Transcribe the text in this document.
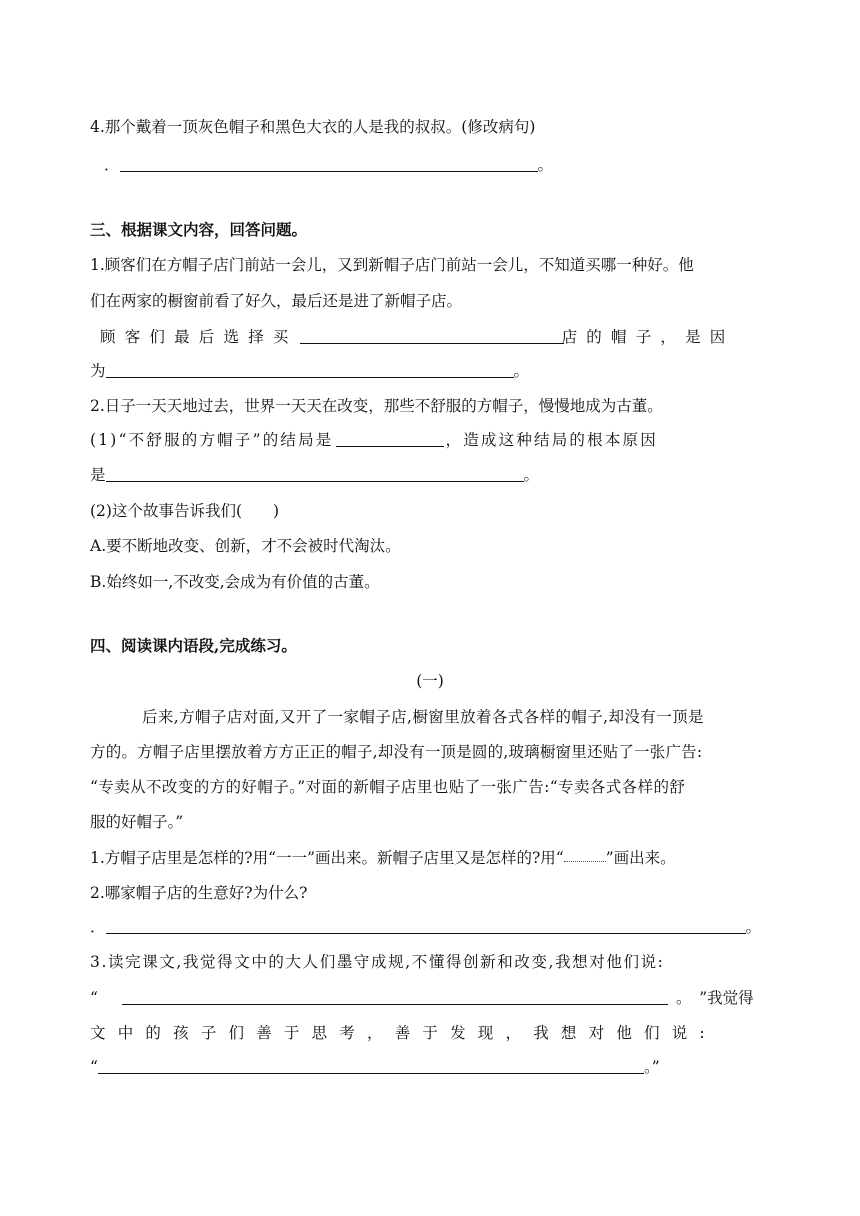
4.那个戴着一顶灰色帽子和黑色大衣的人是我的叔叔。(修改病句)
．	。
三、根据课文内容，回答问题。
1.顾客们在方帽子店门前站一会儿，又到新帽子店门前站一会儿，不知道买哪一种好。他
们在两家的橱窗前看了好久，最后还是进了新帽子店。
顾客们最后选择买	店的帽子，是因
为	。
2.日子一天天地过去，世界一天天在改变，那些不舒服的方帽子，慢慢地成为古董。
(1)“不舒服的方帽子”的结局是	，造成这种结局的根本原因
是	。
(2)这个故事告诉我们(　　)
A.要不断地改变、创新，才不会被时代淘汰。
B.始终如一,不改变,会成为有价值的古董。
四、阅读课内语段,完成练习。
(一)
后来,方帽子店对面,又开了一家帽子店,橱窗里放着各式各样的帽子,却没有一顶是
方的。方帽子店里摆放着方方正正的帽子,却没有一顶是圆的,玻璃橱窗里还贴了一张广告:
“专卖从不改变的方的好帽子。”对面的新帽子店里也贴了一张广告:“专卖各式各样的舒
服的好帽子。”
1.方帽子店里是怎样的?用“一一”画出来。新帽子店里又是怎样的?用“	”画出来。
2.哪家帽子店的生意好?为什么?
．	。
3.读完课文,我觉得文中的大人们墨守成规,不懂得创新和改变,我想对他们说:
“	。　”我觉得
文中的孩子们善于思考，善于发现，我想对他们说:
“	。”
